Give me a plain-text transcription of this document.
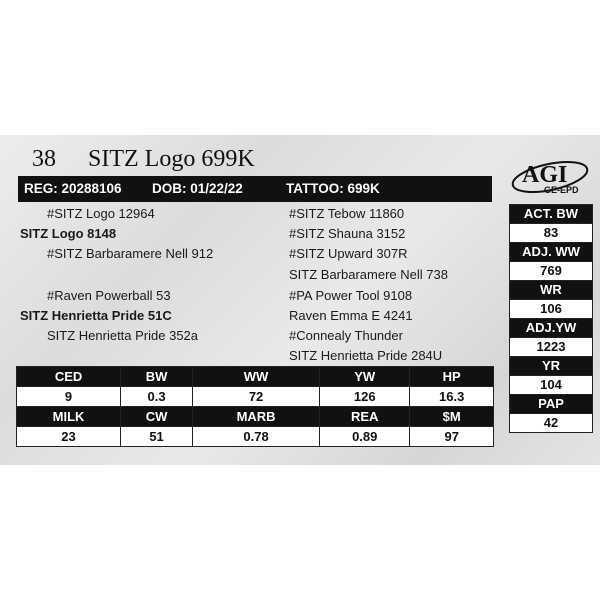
38 SITZ Logo 699K
REG: 20288106 DOB: 01/22/22	TATTOO: 699K
AGI
GE-EPD
#SITZ Logo 12964
SITZ Logo 8148
#SITZ Barbaramere Nell 912
#Raven Powerball 53
SITZ Henrietta Pride 51C
SITZ Henrietta Pride 352a
#SITZ Tebow 11860
#SITZ Shauna 3152
#SITZ Upward 307R
SITZ Barbaramere Nell 738
#PA Power Tool 9108
Raven Emma E 4241
#Connealy Thunder
SITZ Henrietta Pride 284U
CED	BW	WW	YW	HP
9	0.3	72	126	16.3
MILK	CW	MARB	REA	$M
23	51	0.78	0.89	97
ACT. BW
83
ADJ. WW
769
WR
106
ADJ.YW
1223
YR
104
PAP
42
